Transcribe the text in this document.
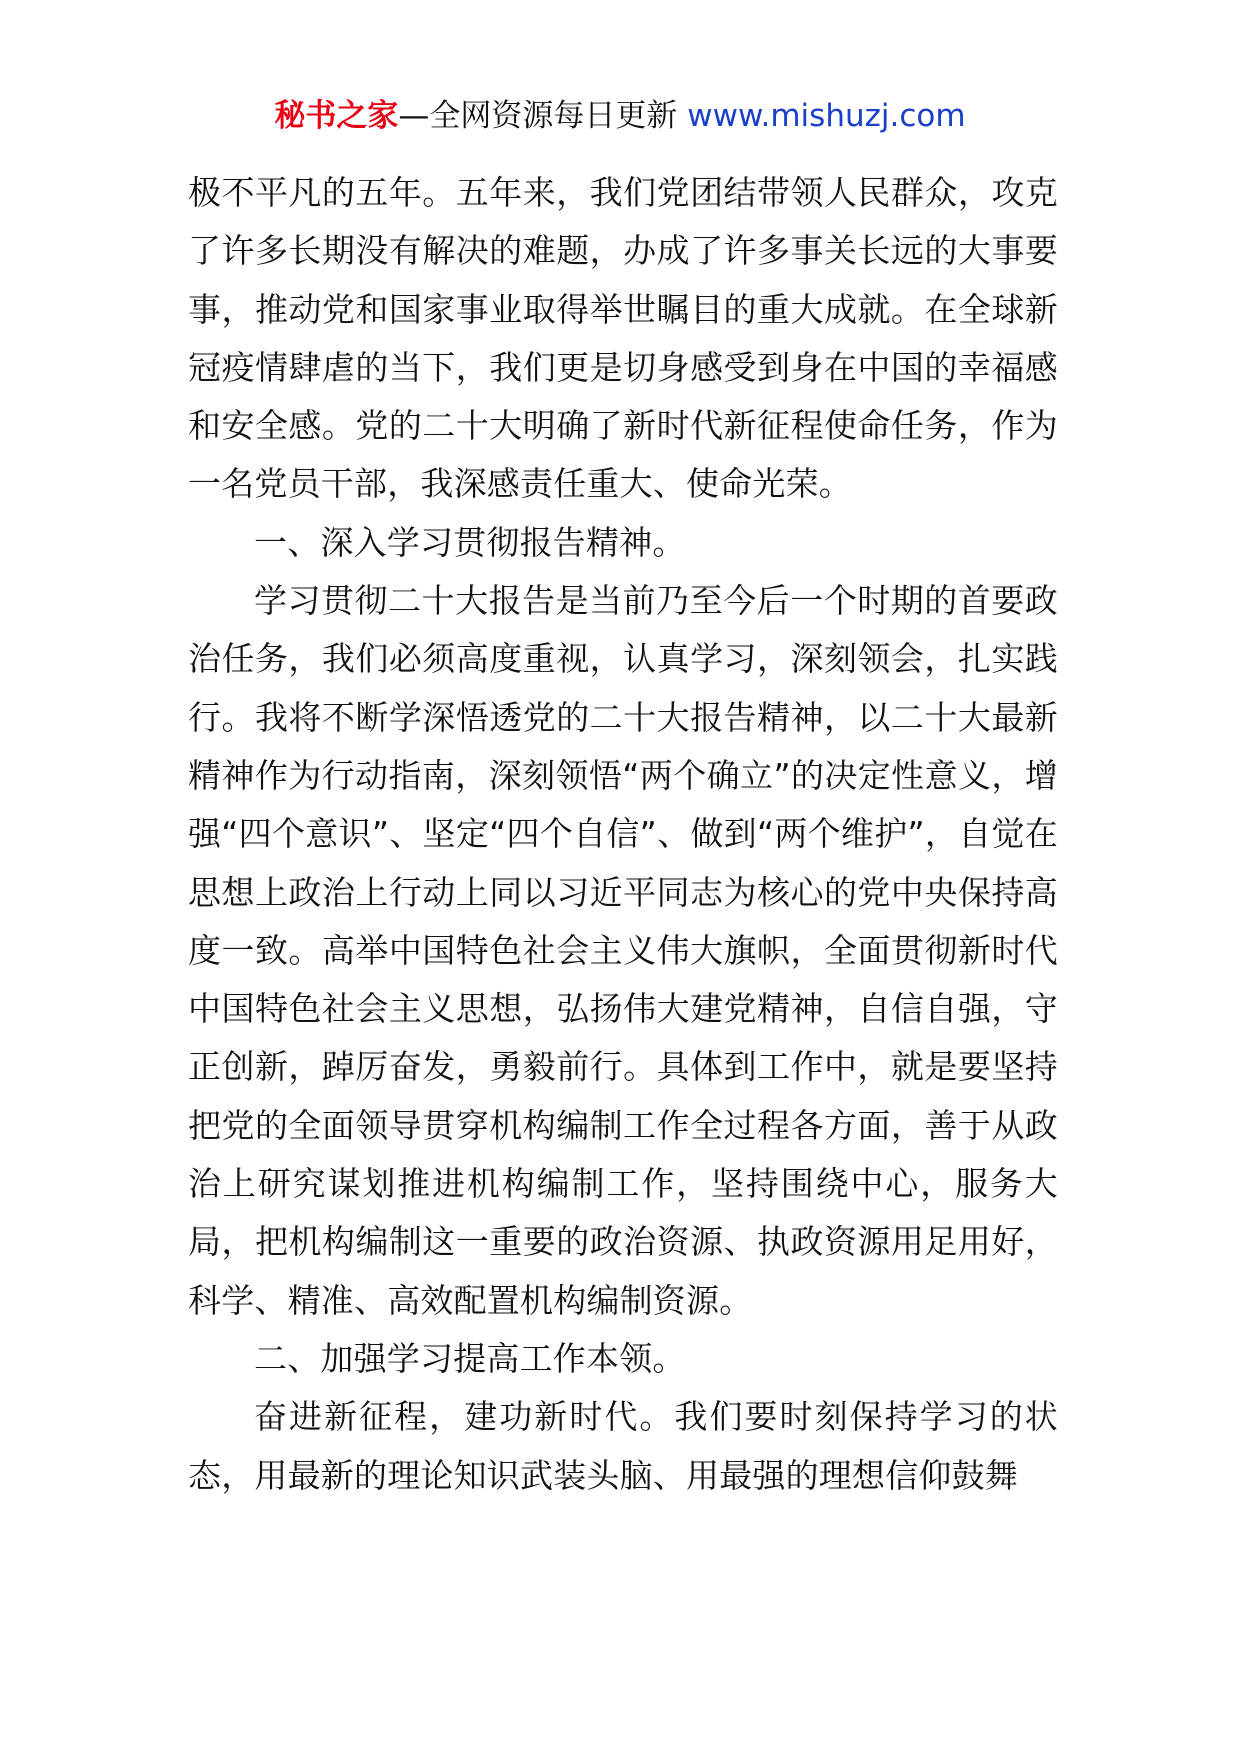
秘书之家—全网资源每日更新 www.mishuzj.com

极不平凡的五年。五年来，我们党团结带领人民群众，攻克了许多长期没有解决的难题，办成了许多事关长远的大事要事，推动党和国家事业取得举世瞩目的重大成就。在全球新冠疫情肆虐的当下，我们更是切身感受到身在中国的幸福感和安全感。党的二十大明确了新时代新征程使命任务，作为一名党员干部，我深感责任重大、使命光荣。

一、深入学习贯彻报告精神。

学习贯彻二十大报告是当前乃至今后一个时期的首要政治任务，我们必须高度重视，认真学习，深刻领会，扎实践行。我将不断学深悟透党的二十大报告精神，以二十大最新精神作为行动指南，深刻领悟“两个确立”的决定性意义，增强“四个意识”、坚定“四个自信”、做到“两个维护”，自觉在思想上政治上行动上同以习近平同志为核心的党中央保持高度一致。高举中国特色社会主义伟大旗帜，全面贯彻新时代中国特色社会主义思想，弘扬伟大建党精神，自信自强，守正创新，踔厉奋发，勇毅前行。具体到工作中，就是要坚持把党的全面领导贯穿机构编制工作全过程各方面，善于从政治上研究谋划推进机构编制工作，坚持围绕中心，服务大局，把机构编制这一重要的政治资源、执政资源用足用好，科学、精准、高效配置机构编制资源。

二、加强学习提高工作本领。

奋进新征程，建功新时代。我们要时刻保持学习的状态，用最新的理论知识武装头脑、用最强的理想信仰鼓舞
